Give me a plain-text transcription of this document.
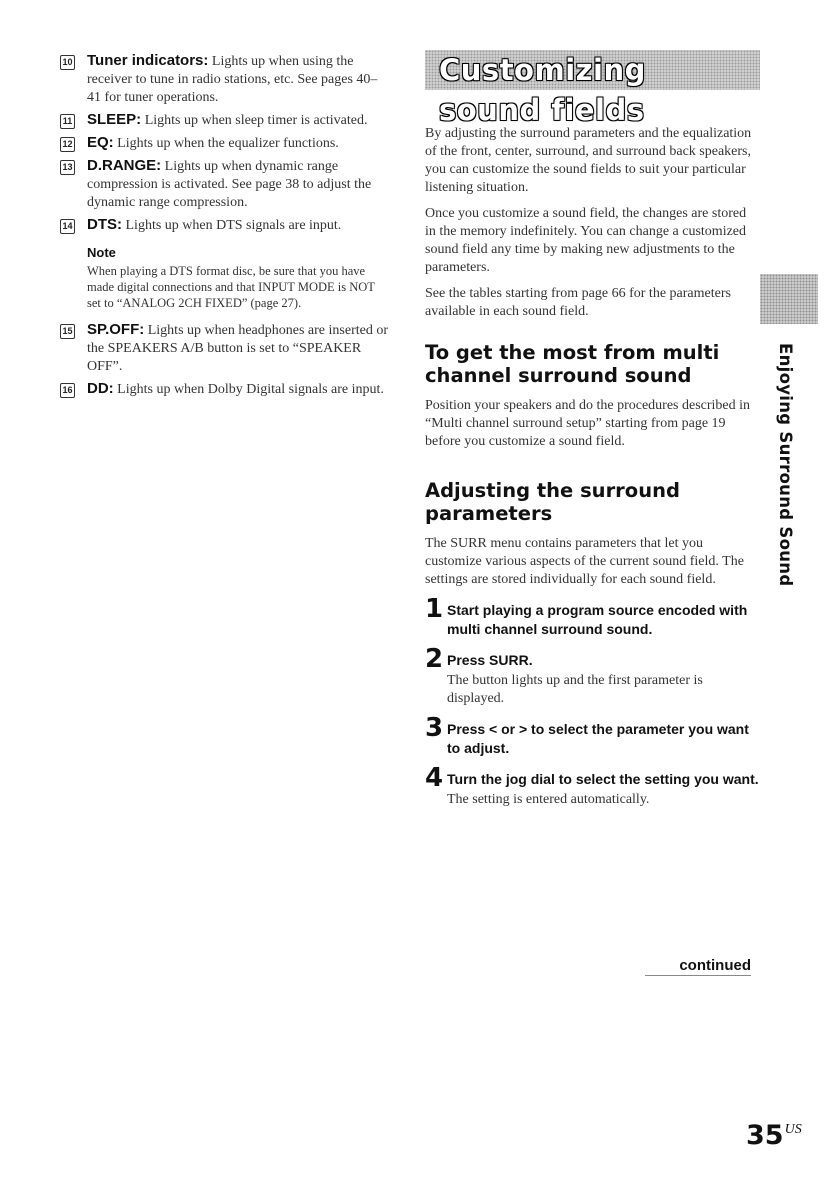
10 Tuner indicators: Lights up when using the receiver to tune in radio stations, etc. See pages 40–41 for tuner operations.
11 SLEEP: Lights up when sleep timer is activated.
12 EQ: Lights up when the equalizer functions.
13 D.RANGE: Lights up when dynamic range compression is activated. See page 38 to adjust the dynamic range compression.
14 DTS: Lights up when DTS signals are input.
Note
When playing a DTS format disc, be sure that you have made digital connections and that INPUT MODE is NOT set to “ANALOG 2CH FIXED” (page 27).
15 SP.OFF: Lights up when headphones are inserted or the SPEAKERS A/B button is set to “SPEAKER OFF”.
16 DD: Lights up when Dolby Digital signals are input.
Customizing sound fields

By adjusting the surround parameters and the equalization of the front, center, surround, and surround back speakers, you can customize the sound fields to suit your particular listening situation.

Once you customize a sound field, the changes are stored in the memory indefinitely. You can change a customized sound field any time by making new adjustments to the parameters.

See the tables starting from page 66 for the parameters available in each sound field.

To get the most from multi channel surround sound

Position your speakers and do the procedures described in “Multi channel surround setup” starting from page 19 before you customize a sound field.

Adjusting the surround parameters

The SURR menu contains parameters that let you customize various aspects of the current sound field. The settings are stored individually for each sound field.

1 Start playing a program source encoded with multi channel surround sound.
2 Press SURR.
The button lights up and the first parameter is displayed.
3 Press < or > to select the parameter you want to adjust.
4 Turn the jog dial to select the setting you want.
The setting is entered automatically.
continued
Enjoying Surround Sound
$35^{US}$
